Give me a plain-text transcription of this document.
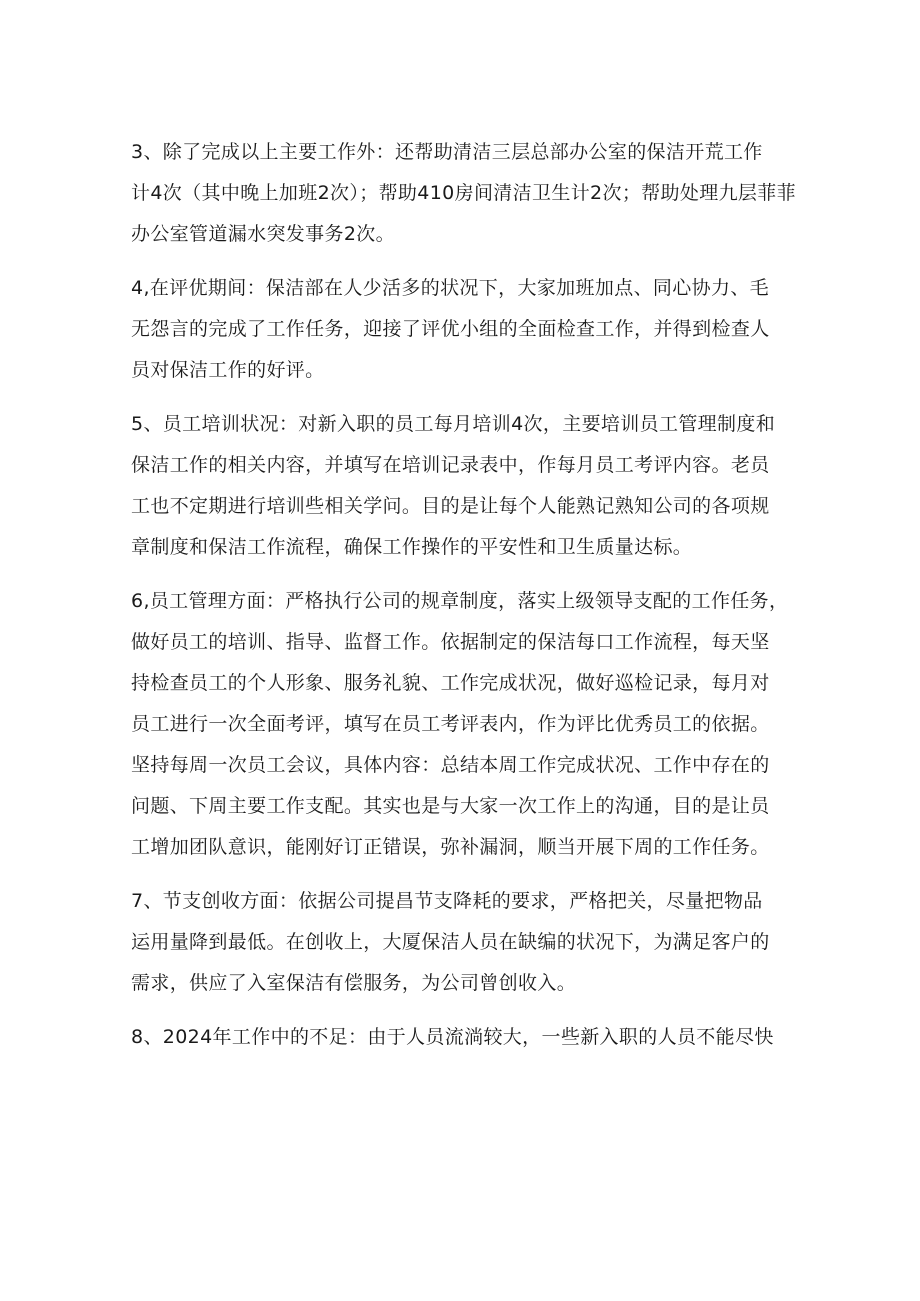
3、除了完成以上主要工作外：还帮助清洁三层总部办公室的保洁开荒工作
计4次（其中晚上加班2次）；帮助410房间清洁卫生计2次；帮助处理九层菲菲
办公室管道漏水突发事务2次。
4,在评优期间：保洁部在人少活多的状况下，大家加班加点、同心协力、毛
无怨言的完成了工作任务，迎接了评优小组的全面检查工作，并得到检查人
员对保洁工作的好评。
5、员工培训状况：对新入职的员工每月培训4次，主要培训员工管理制度和
保洁工作的相关内容，并填写在培训记录表中，作每月员工考评内容。老员
工也不定期进行培训些相关学问。目的是让每个人能熟记熟知公司的各项规
章制度和保洁工作流程，确保工作操作的平安性和卫生质量达标。
6,员工管理方面：严格执行公司的规章制度，落实上级领导支配的工作任务，
做好员工的培训、指导、监督工作。依据制定的保洁每口工作流程，每天坚
持检查员工的个人形象、服务礼貌、工作完成状况，做好巡检记录，每月对
员工进行一次全面考评，填写在员工考评表内，作为评比优秀员工的依据。
坚持每周一次员工会议，具体内容：总结本周工作完成状况、工作中存在的
问题、下周主要工作支配。其实也是与大家一次工作上的沟通，目的是让员
工增加团队意识，能刚好订正错误，弥补漏洞，顺当开展下周的工作任务。
7、节支创收方面：依据公司提昌节支降耗的要求，严格把关，尽量把物品
运用量降到最低。在创收上，大厦保洁人员在缺编的状况下，为满足客户的
需求，供应了入室保洁有偿服务，为公司曾创收入。
8、2024年工作中的不足：由于人员流淌较大，一些新入职的人员不能尽快
